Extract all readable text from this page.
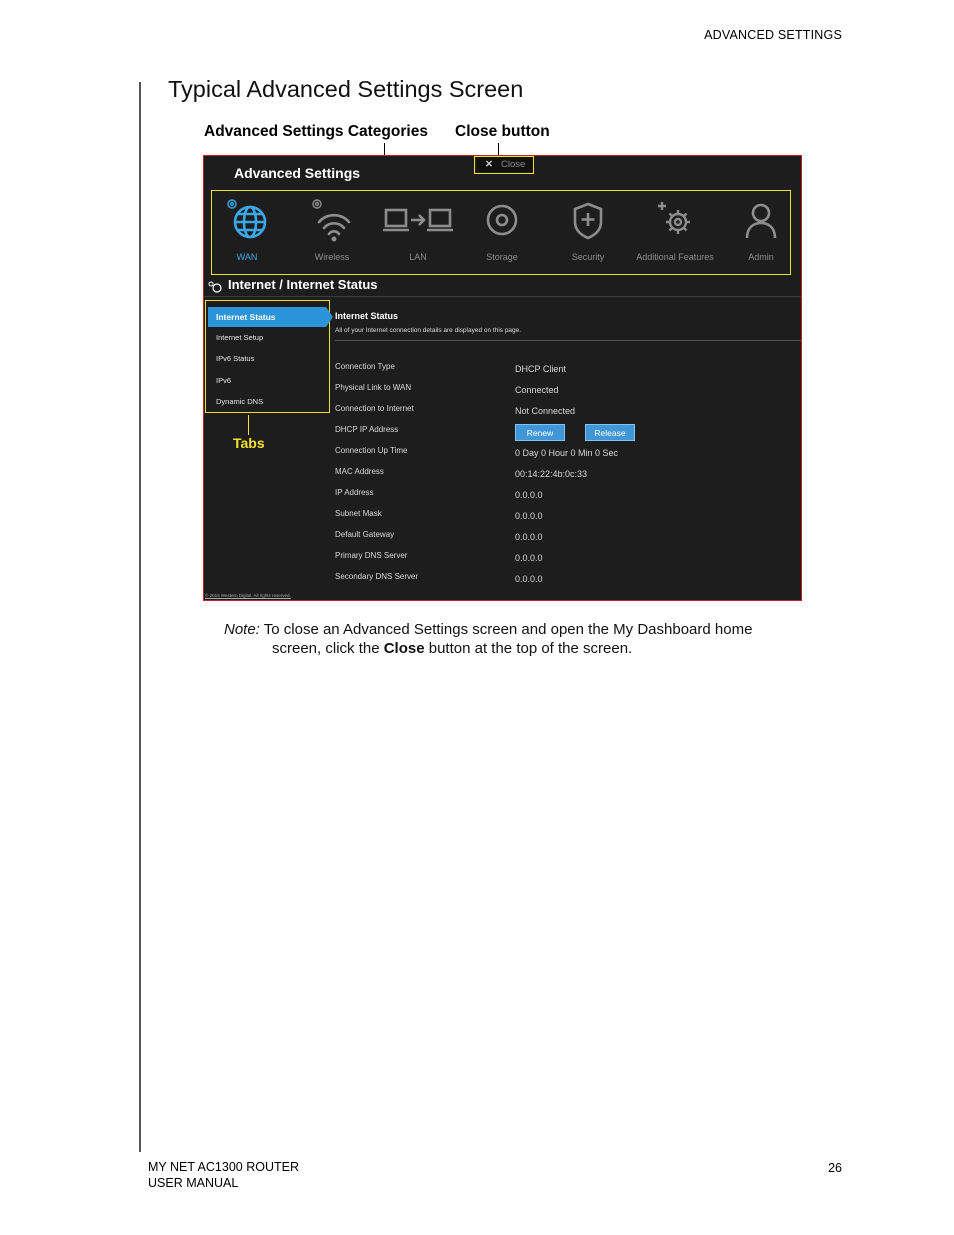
ADVANCED SETTINGS
Typical Advanced Settings Screen
Advanced Settings Categories Close button
Advanced Settings
✕ Close
WAN	Wireless	LAN	Storage	Security	Additional Features	Admin
Internet / Internet Status
Internet Status
Internet Setup
IPv6 Status
IPv6
Dynamic DNS
Tabs
Internet Status
All of your Internet connection details are displayed on this page.
Connection Type	DHCP Client
Physical Link to WAN	Connected
Connection to Internet	Not Connected
DHCP IP Address	Renew	Release
Connection Up Time	0 Day 0 Hour 0 Min 0 Sec
MAC Address	00:14:22:4b:0c:33
IP Address	0.0.0.0
Subnet Mask	0.0.0.0
Default Gateway	0.0.0.0
Primary DNS Server	0.0.0.0
Secondary DNS Server	0.0.0.0
© 2015 Western Digital. All rights reserved.
Note: To close an Advanced Settings screen and open the My Dashboard home
screen, click the Close button at the top of the screen.
MY NET AC1300 ROUTER
USER MANUAL
26
